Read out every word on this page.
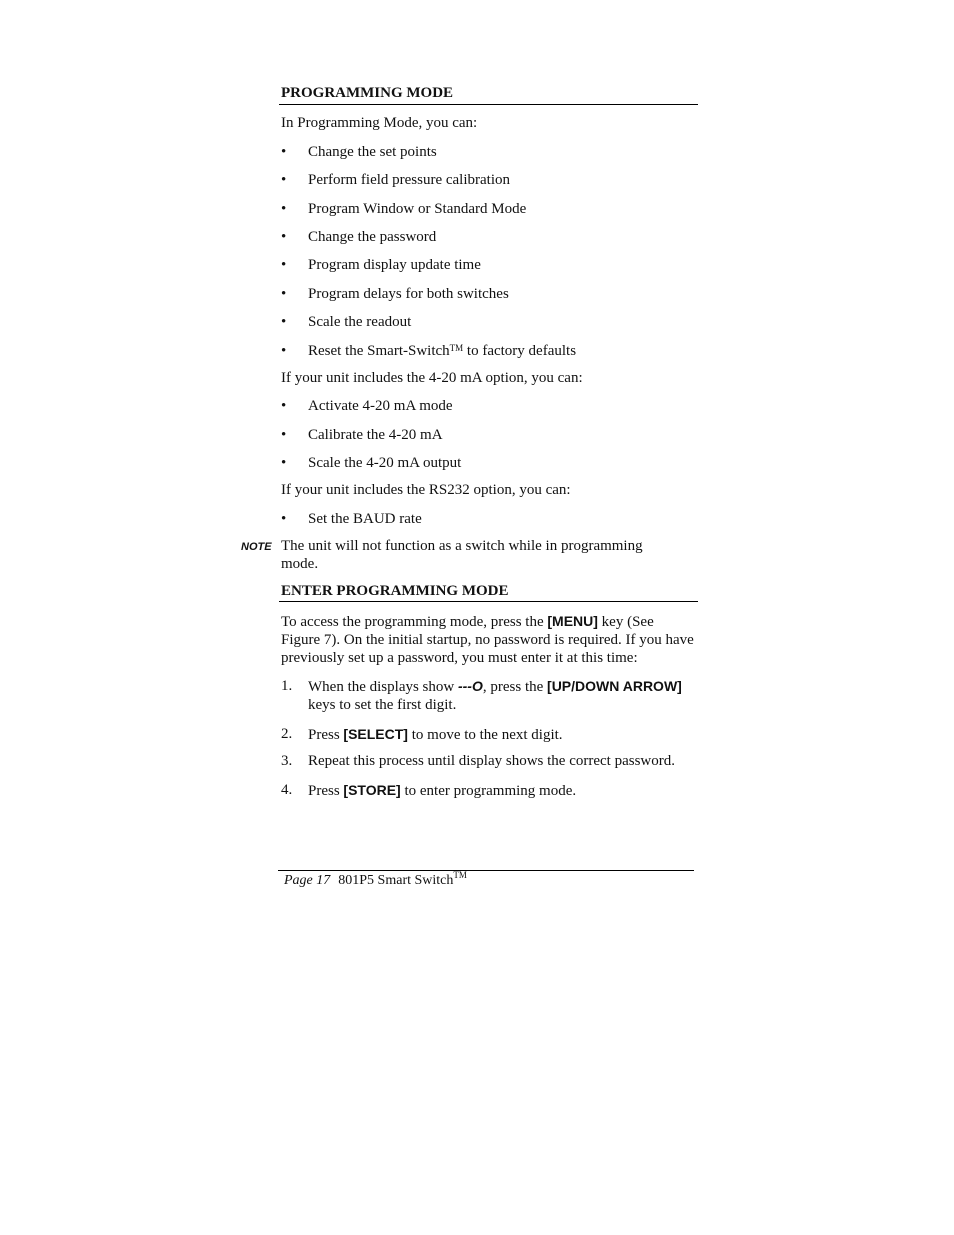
PROGRAMMING MODE
In Programming Mode, you can:
• Change the set points
• Perform field pressure calibration
• Program Window or Standard Mode
• Change the password
• Program display update time
• Program delays for both switches
• Scale the readout
• Reset the Smart-Switch™ to factory defaults
If your unit includes the 4-20 mA option, you can:
• Activate 4-20 mA mode
• Calibrate the 4-20 mA
• Scale the 4-20 mA output
If your unit includes the RS232 option, you can:
• Set the BAUD rate
NOTE The unit will not function as a switch while in programming mode.
ENTER PROGRAMMING MODE
To access the programming mode, press the [MENU] key (See Figure 7). On the initial startup, no password is required. If you have previously set up a password, you must enter it at this time:
1. When the displays show ---O, press the [UP/DOWN ARROW] keys to set the first digit.
2. Press [SELECT] to move to the next digit.
3. Repeat this process until display shows the correct password.
4. Press [STORE] to enter programming mode.
Page 17 801P5 Smart Switch™
